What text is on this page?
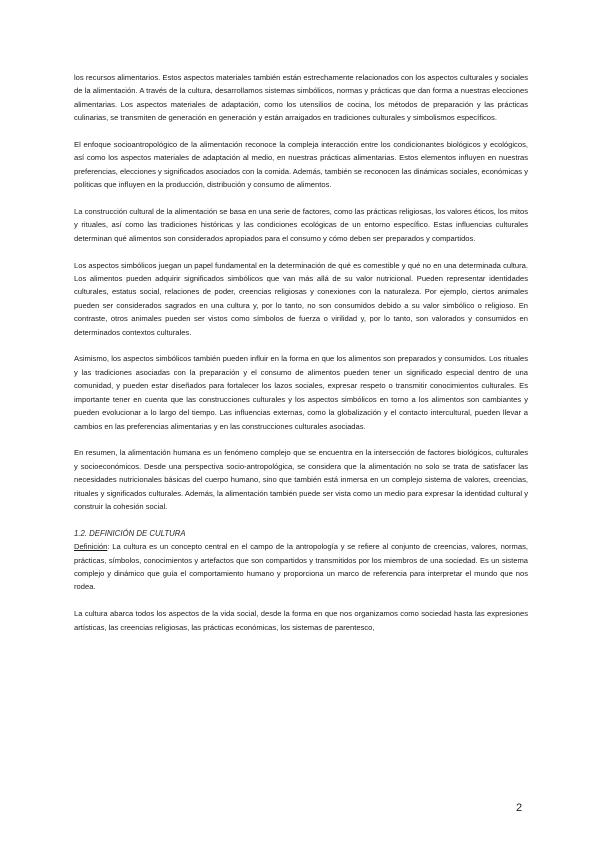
los recursos alimentarios. Estos aspectos materiales también están estrechamente relacionados con los aspectos culturales y sociales de la alimentación. A través de la cultura, desarrollamos sistemas simbólicos, normas y prácticas que dan forma a nuestras elecciones alimentarias. Los aspectos materiales de adaptación, como los utensilios de cocina, los métodos de preparación y las prácticas culinarias, se transmiten de generación en generación y están arraigados en tradiciones culturales y simbolismos específicos.

El enfoque socioantropológico de la alimentación reconoce la compleja interacción entre los condicionantes biológicos y ecológicos, así como los aspectos materiales de adaptación al medio, en nuestras prácticas alimentarias. Estos elementos influyen en nuestras preferencias, elecciones y significados asociados con la comida. Además, también se reconocen las dinámicas sociales, económicas y políticas que influyen en la producción, distribución y consumo de alimentos.

La construcción cultural de la alimentación se basa en una serie de factores, como las prácticas religiosas, los valores éticos, los mitos y rituales, así como las tradiciones históricas y las condiciones ecológicas de un entorno específico. Estas influencias culturales determinan qué alimentos son considerados apropiados para el consumo y cómo deben ser preparados y compartidos.

Los aspectos simbólicos juegan un papel fundamental en la determinación de qué es comestible y qué no en una determinada cultura. Los alimentos pueden adquirir significados simbólicos que van más allá de su valor nutricional. Pueden representar identidades culturales, estatus social, relaciones de poder, creencias religiosas y conexiones con la naturaleza. Por ejemplo, ciertos animales pueden ser considerados sagrados en una cultura y, por lo tanto, no son consumidos debido a su valor simbólico o religioso. En contraste, otros animales pueden ser vistos como símbolos de fuerza o virilidad y, por lo tanto, son valorados y consumidos en determinados contextos culturales.

Asimismo, los aspectos simbólicos también pueden influir en la forma en que los alimentos son preparados y consumidos. Los rituales y las tradiciones asociadas con la preparación y el consumo de alimentos pueden tener un significado especial dentro de una comunidad, y pueden estar diseñados para fortalecer los lazos sociales, expresar respeto o transmitir conocimientos culturales. Es importante tener en cuenta que las construcciones culturales y los aspectos simbólicos en torno a los alimentos son cambiantes y pueden evolucionar a lo largo del tiempo. Las influencias externas, como la globalización y el contacto intercultural, pueden llevar a cambios en las preferencias alimentarias y en las construcciones culturales asociadas.

En resumen, la alimentación humana es un fenómeno complejo que se encuentra en la intersección de factores biológicos, culturales y socioeconómicos. Desde una perspectiva socio-antropológica, se considera que la alimentación no solo se trata de satisfacer las necesidades nutricionales básicas del cuerpo humano, sino que también está inmersa en un complejo sistema de valores, creencias, rituales y significados culturales. Además, la alimentación también puede ser vista como un medio para expresar la identidad cultural y construir la cohesión social.

1.2. DEFINICIÓN DE CULTURA

Definición: La cultura es un concepto central en el campo de la antropología y se refiere al conjunto de creencias, valores, normas, prácticas, símbolos, conocimientos y artefactos que son compartidos y transmitidos por los miembros de una sociedad. Es un sistema complejo y dinámico que guía el comportamiento humano y proporciona un marco de referencia para interpretar el mundo que nos rodea.

La cultura abarca todos los aspectos de la vida social, desde la forma en que nos organizamos como sociedad hasta las expresiones artísticas, las creencias religiosas, las prácticas económicas, los sistemas de parentesco,

2
